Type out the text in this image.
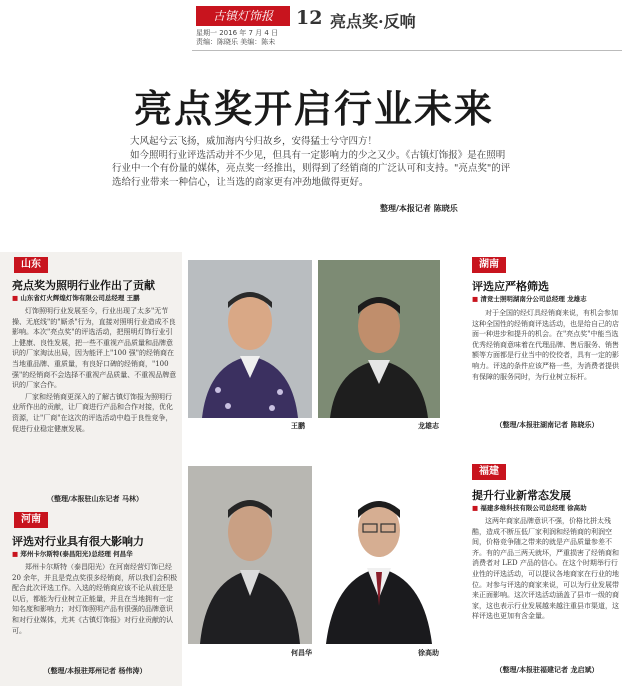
古镇灯饰报	12 亮点奖·反响
星期一 2016 年 7 月 4 日
责编：陈晓乐 美编：陈未
亮点奖开启行业未来

大风起兮云飞扬，威加海内兮归故乡，安得猛士兮守四方！

如今照明行业评选活动并不少见，但具有一定影响力的少之又少。《古镇灯饰报》是在照明行业中一个有份量的媒体，亮点奖一经推出，则得到了经销商的广泛认可和支持。"亮点奖"的评选给行业带来一种信心，让当选的商家更有冲劲地做得更好。

整理/本报记者 陈晓乐
山东
亮点奖为照明行业作出了贡献
■ 山东省灯火辉煌灯饰有限公司总经理 王鹏

灯饰照明行业发展至今，行业出现了太多"无节操、无底线"的"厮杀"行为，直接对照明行业造成不良影响。本次"亮点奖"的评选活动，把照明灯饰行业引上健康、良性发展，把一些不重视产品质量和品牌意识的厂家淘汰出局，因为能评上"100 强"的经销商在当地重品牌、重质量，有良好口碑的经销商，"100 强"的经销商不会选择不重视产品质量、不重视品牌意识的厂家合作。

厂家和经销商更深入的了解古镇灯饰报为照明行业所作出的贡献，让厂商进行产品和合作对接，优化资源，让"厂商"在这次的评选活动中趋于良性竞争，促进行业稳定健康发展。

（整理/本报驻山东记者 马林）
河南
评选对行业具有很大影响力
■ 郑州卡尔斯特(泰昌阳光)总经理 何昌华

郑州卡尔斯特（泰昌阳光）在河南经营灯饰已经 20 余年，并且是党点奖很多经销商，所以我们会积极配合此次评选工作。入选的经销商应该不论从前还是以后，都能为行业树立正能量，并且在当地拥有一定知名度和影响力；对灯饰照明产品有很强的品牌意识和对行业媒体，尤其《古镇灯饰报》对行业贡献的认可。

（整理/本报驻郑州记者 杨伟涛）
王鹏	龙雄志
何昌华	徐高助
湖南
评选应严格筛选
■ 清竞士照明湖南分公司总经理 龙雄志

对于全国的经灯具经销商来说，有机会参加这种全国性的经销商评选活动，也是给自己的店面一种进步和提升的机会。在"亮点奖"中能当选优秀经销商意味着在代理品牌、售后服务、销售额等方面都是行业当中的佼佼者，具有一定的影响力。评选的条件应该严格一些，为消费者提供有保障的服务同时，为行业树立标杆。

（整理/本报驻湖南记者 陈晓乐）
福建
提升行业新常态发展
■ 福建多维科技有限公司总经理 徐高助

这两年商家品牌意识不强，价格比拼太残酷，造成不断压低厂家利润和经销商的利润空间，价格竞争随之带来的就是产品质量参差不齐。有的产品三两天就坏，严重损害了经销商和消费者对 LED 产品的信心。在这个时期举行行业性的评选活动，可以提议各地商家在行业的地位。对参与评选的商家来说，可以为行业发展带来正面影响。这次评选活动涵盖了县市一级的商家，这也表示行业发展越来越注重县市渠道，这样评选也更加有含金量。

（整理/本报驻福建记者 龙启斌）
